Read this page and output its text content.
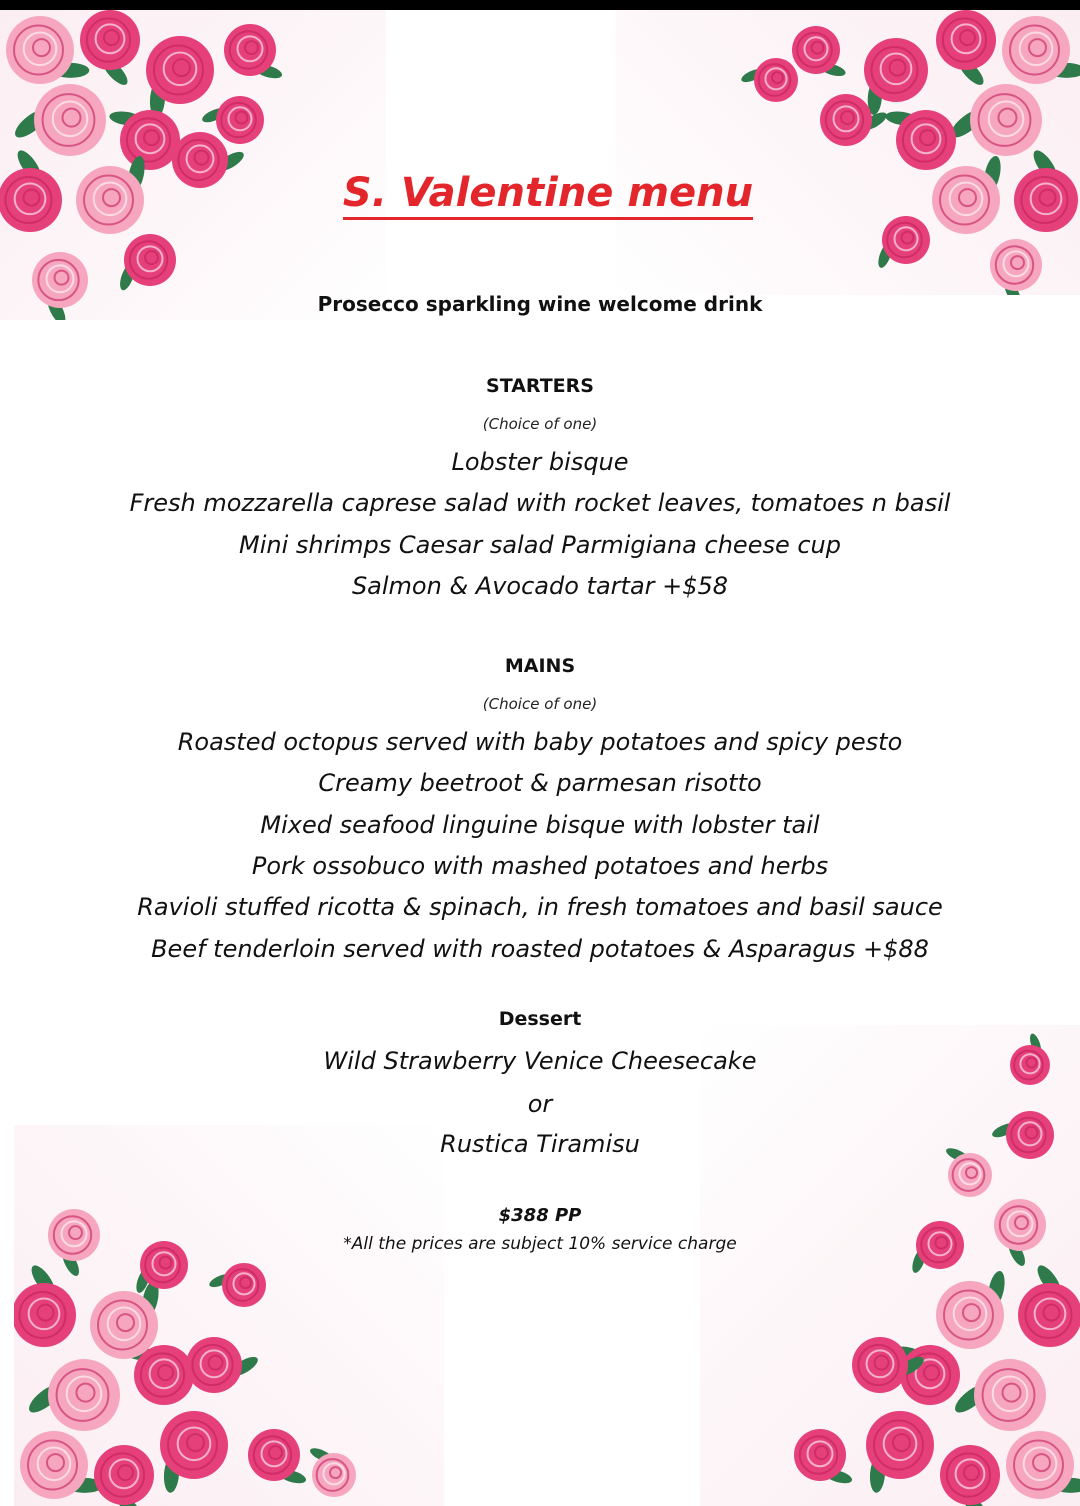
S. Valentine menu
Prosecco sparkling wine welcome drink
STARTERS
(Choice of one)
Lobster bisque
Fresh mozzarella caprese salad with rocket leaves, tomatoes n basil
Mini shrimps Caesar salad Parmigiana cheese cup
Salmon & Avocado tartar +$58
MAINS
(Choice of one)
Roasted octopus served with baby potatoes and spicy pesto
Creamy beetroot & parmesan risotto
Mixed seafood linguine bisque with lobster tail
Pork ossobuco with mashed potatoes and herbs
Ravioli stuffed ricotta & spinach, in fresh tomatoes and basil sauce
Beef tenderloin served with roasted potatoes & Asparagus +$88
Dessert
Wild Strawberry Venice Cheesecake
or
Rustica Tiramisu
$388 PP
*All the prices are subject 10% service charge
